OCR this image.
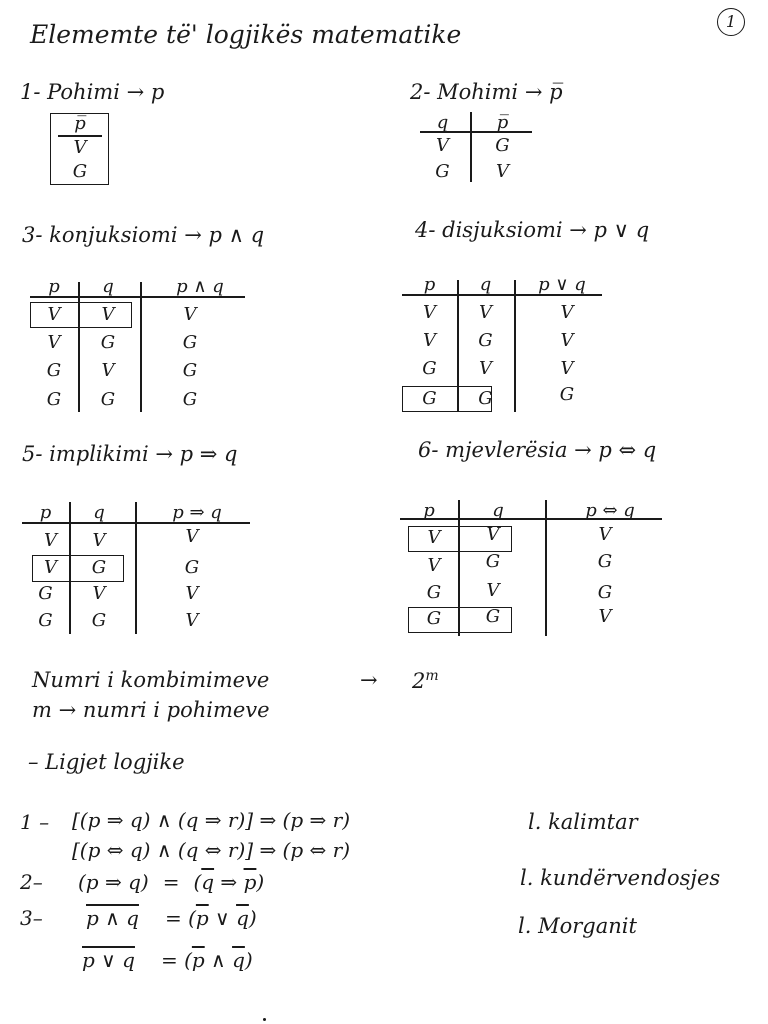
Elememte të' logjikës matematike	1
1- Pohimi → p	2- Mohimi → p̅
3- konjuksiomi → p ∧ q	4- disjuksiomi → p ∨ q
5- implikimi → p ⇒ q	6- mjevlerësia → p ⇔ q
p̅
V
G
q	p̅
V	G
G	V
p	q	p ∧ q
V	V	V
V	G	G
G	V	G
G	G	G
p	q	p ∨ q
V	V	V
V	G	V
G	V	V
G	G	G
p	q	p ⇒ q
V	V	V
V	G	G
G	V	V
G	G	V
p	q	p ⇔ q
V	V	V
V	G	G
G	V	G
G	G	V
Numri i kombimimeve	→ $2^m$
m → numri i pohimeve
– Ligjet logjike
1 – [(p ⇒ q) ∧ (q ⇒ r)] ⇒ (p ⇒ r)
[(p ⇔ q) ∧ (q ⇔ r)] ⇒ (p ⇔ r)
l. kalimtar
2– (p ⇒ $q) = (\overline{q}$ ⇒ $\overline{p}$)	l. kundërvendosjes
3– p ∧ $q = (\overline{p}$ ∨ $\overline{q}$)
p ∨ $q = (\overline{p}$ ∧ $\overline{q}$)
l. Morganit
